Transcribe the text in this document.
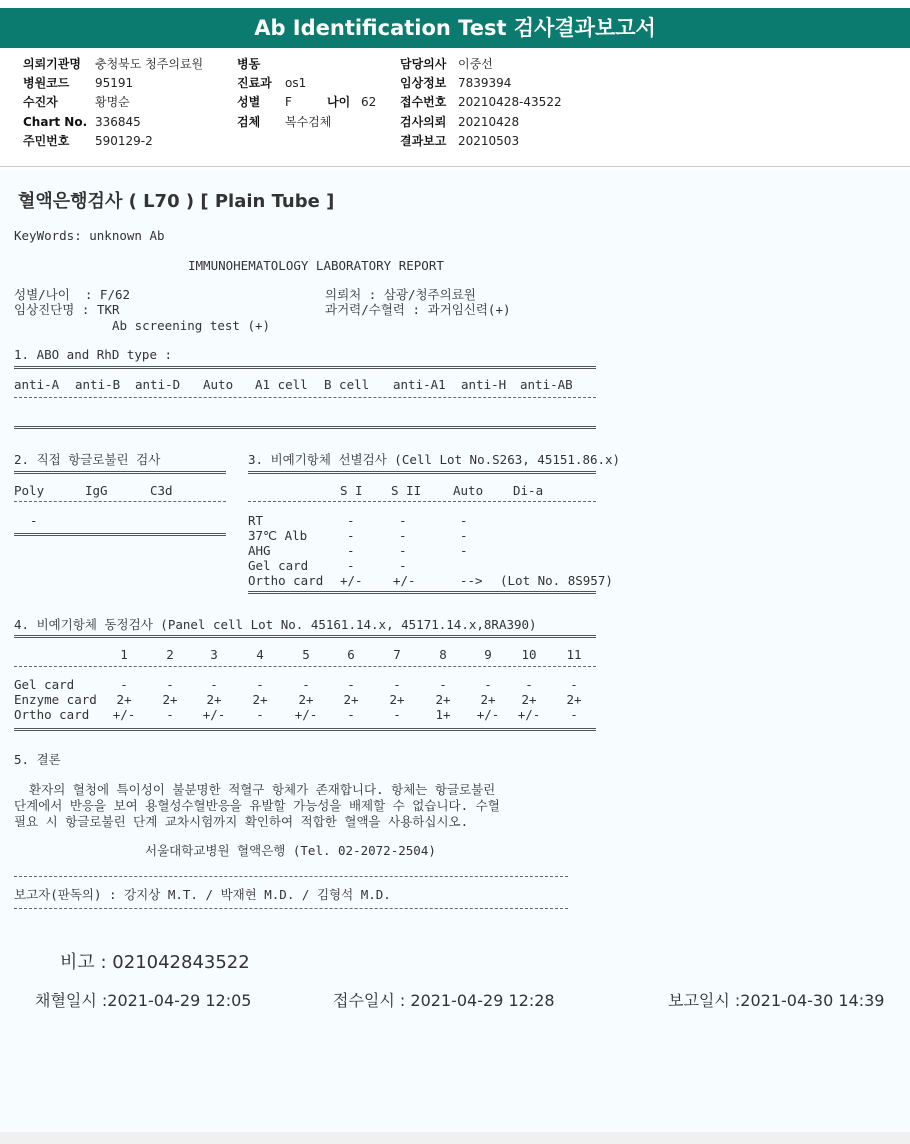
Ab Identification Test 검사결과보고서
의뢰기관명 충청북도 청주의료원
병원코드 95191
수진자	황명순
Chart No. 336845
주민번호 590129-2
병동
진료과 os1
성별 F
검체 복수검체
나이 62
담당의사 이중선
임상정보 7839394
접수번호 20210428-43522
검사의뢰 20210428
결과보고 20210503
혈액은행검사 ( L70 ) [ Plain Tube ]
KeyWords: unknown Ab
IMMUNOHEMATOLOGY LABORATORY REPORT
성별/나이  : F/62
임상진단명 : TKR
Ab screening test (+)
의뢰처 : 삼광/청주의료원
과거력/수혈력 : 과거임신력(+)
1. ABO and RhD type :
anti-A anti-B anti-D Auto A1 cell B cell anti-A1 anti-H anti-AB
2. 직접 항글로불린 검사
Poly	IgG	C3d
-
3. 비예기항체 선별검사 (Cell Lot No.S263, 45151.86.x)
S I S II	Auto Di-a
RT	-	-	-
37℃ Alb	-	-	-
AHG	-	-	-
Gel card	-	-
Ortho card +/- +/-	--> (Lot No. 8S957)
4. 비예기항체 동정검사 (Panel cell Lot No. 45161.14.x, 45171.14.x,8RA390)
1	2	3	4	5	6	7	8	9 10 11
Gel card	-	-	-	-	-	-	-	-	-	-	-
Enzyme card 2+ 2+ 2+ 2+ 2+ 2+ 2+ 2+ 2+ 2+ 2+
Ortho card +/- - +/- - +/- -	-	1+ +/- +/- -
5. 결론
환자의 혈청에 특이성이 불분명한 적혈구 항체가 존재합니다. 항체는 항글로불린
단계에서 반응을 보여 용혈성수혈반응을 유발할 가능성을 배제할 수 없습니다. 수혈
필요 시 항글로불린 단계 교차시험까지 확인하여 적합한 혈액을 사용하십시오.
서울대학교병원 혈액은행 (Tel. 02-2072-2504)
보고자(판독의) : 강지상 M.T. / 박재현 M.D. / 김형석 M.D.
비고 : 021042843522
채혈일시 :2021-04-29 12:05	접수일시 : 2021-04-29 12:28	보고일시 :2021-04-30 14:39
